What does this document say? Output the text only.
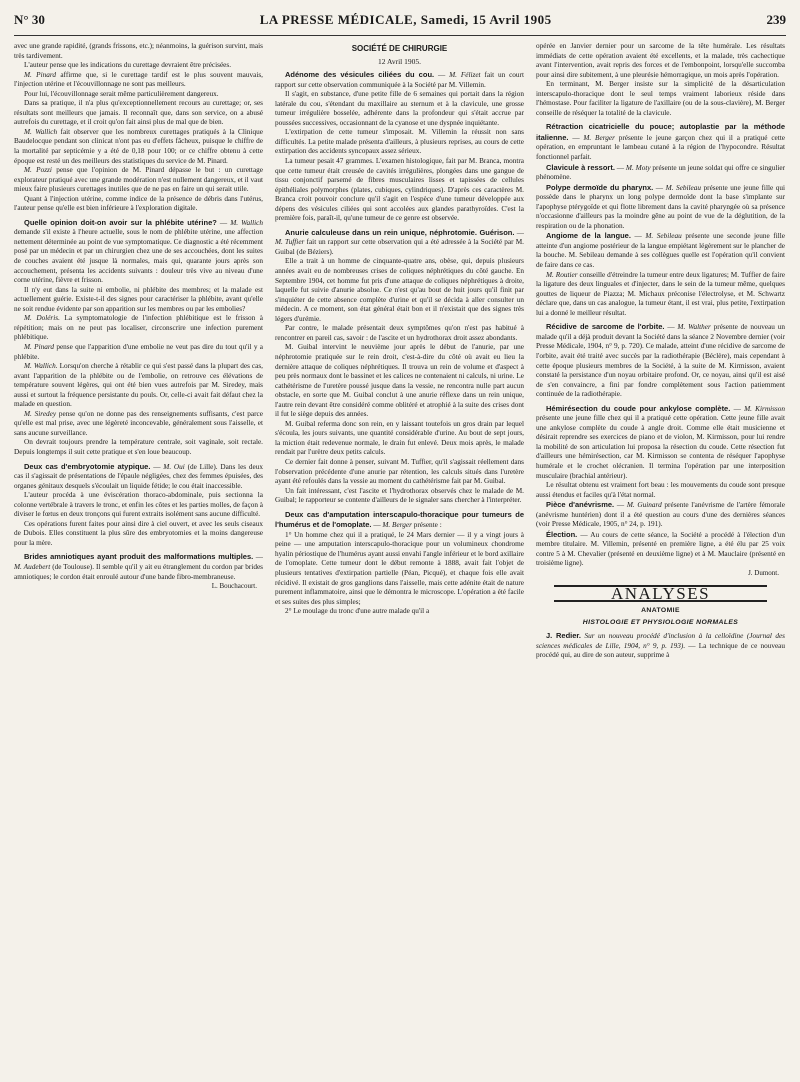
N° 30	LA PRESSE MÉDICALE, Samedi, 15 Avril 1905	239

avec une grande rapidité, (grands frissons, etc.); néanmoins, la guérison survint, mais très tardivement.

L'auteur pense que les indications du curettage devraient être précisées.

M. Pinard affirme que, si le curettage tardif est le plus souvent mauvais, l'injection utérine et l'écouvillonnage ne sont pas meilleurs.

Pour lui, l'écouvillonnage serait même particulièrement dangereux.

Dans sa pratique, il n'a plus qu'exceptionnellement recours au curettage; or, ses résultats sont meilleurs que jamais. Il reconnaît que, dans son service, on a abusé autrefois du curettage, et il croit qu'on fait ainsi plus de mal que de bien.

M. Wallich fait observer que les nombreux curettages pratiqués à la Clinique Baudelocque pendant son clinicat n'ont pas eu d'effets fâcheux, puisque le chiffre de la mortalité par septicémie y a été de 0,18 pour 100; or ce chiffre obtenu à cette époque est resté un des meilleurs des statistiques du service de M. Pinard.

M. Pozzi pense que l'opinion de M. Pinard dépasse le but : un curettage explorateur pratiqué avec une grande modération n'est nullement dangereux, et il vaut mieux faire plusieurs curettages inutiles que de ne pas en faire un qui serait utile.

Quant à l'injection utérine, comme indice de la présence de débris dans l'utérus, l'auteur pense qu'elle est bien inférieure à l'exploration digitale.

Quelle opinion doit-on avoir sur la phlébite utérine? — M. Wallich demande s'il existe à l'heure actuelle, sous le nom de phlébite utérine, une affection nettement déterminée au point de vue symptomatique. Ce diagnostic a été récemment posé par un médecin et par un chirurgien chez une de ses accouchées, dont les suites de couches avaient été jusque là normales, mais qui, quarante jours après son accouchement, présenta les accidents suivants : douleur très vive au niveau d'une corne utérine, fièvre et frisson.

Il n'y eut dans la suite ni embolie, ni phlébite des membres; et la malade est actuellement guérie. Existe-t-il des signes pour caractériser la phlébite, avant qu'elle ne soit rendue évidente par son apparition sur les membres ou par les embolies?

M. Doléris. La symptomatologie de l'infection phlébitique est le frisson à répétition; mais on ne peut pas localiser, circonscrire une infection purement phlébitique.

M. Pinard pense que l'apparition d'une embolie ne veut pas dire du tout qu'il y a phlébite.

M. Wallich. Lorsqu'on cherche à rétablir ce qui s'est passé dans la plupart des cas, avant l'apparition de la phlébite ou de l'embolie, on retrouve ces élévations de température souvent légères, qui ont été bien vues autrefois par M. Siredey, mais aussi et surtout la fréquence persistante du pouls. Or, celle-ci avait fait défaut chez la malade en question.

M. Siredey pense qu'on ne donne pas des renseignements suffisants, c'est parce qu'elle est mal prise, avec une légèreté inconcevable, généralement sous l'aisselle, et sans aucune surveillance.

On devrait toujours prendre la température centrale, soit vaginale, soit rectale. Depuis longtemps il suit cette pratique et s'en loue beaucoup.

Deux cas d'embryotomie atypique. — M. Oui (de Lille). Dans les deux cas il s'agissait de présentations de l'épaule négligées, chez des femmes épuisées, des organes génitaux desquels s'écoulait un liquide fétide; le cou était inaccessible.

L'auteur procéda à une éviscération thoraco-abdominale, puis sectionna la colonne vertébrale à travers le tronc, et enfin les côtes et les parties molles, de façon à diviser le fœtus en deux tronçons qui furent extraits isolément sans aucune difficulté.

Ces opérations furent faites pour ainsi dire à ciel ouvert, et avec les seuls ciseaux de Dubois. Elles constituent la plus sûre des embryotomies et la moins dangereuse pour la mère.

Brides amniotiques ayant produit des malformations multiples. — M. Audebert (de Toulouse). Il semble qu'il y ait eu étranglement du cordon par brides amniotiques; le cordon était enroulé autour d'une bande fibro-membraneuse.

L. Bouchacourt.

SOCIÉTÉ DE CHIRURGIE
12 Avril 1905.

Adénome des vésicules ciliées du cou. — M. Félizet fait un court rapport sur cette observation communiquée à la Société par M. Villemin.

Il s'agit, en substance, d'une petite fille de 6 semaines qui portait dans la région latérale du cou, s'étendant du maxillaire au sternum et à la clavicule, une grosse tumeur irrégulière bosselée, adhérente dans la profondeur qui s'était accrue par poussées successives, occasionnant de la cyanose et une dyspnée inquiétante.

L'extirpation de cette tumeur s'imposait. M. Villemin la réussit non sans difficultés. La petite malade présenta d'ailleurs, à plusieurs reprises, au cours de cette extirpation des accidents syncopaux assez sérieux.

La tumeur pesait 47 grammes. L'examen histologique, fait par M. Branca, montra que cette tumeur était creusée de cavités irrégulières, plongées dans une gangue de tissu conjonctif parsemé de fibres musculaires lisses et tapissées de cellules épithéliales polymorphes (plates, cubiques, cylindriques). D'après ces caractères M. Branca croit pouvoir conclure qu'il s'agit en l'espèce d'une tumeur développée aux dépens des vésicules ciliées qui sont accolées aux glandes parathyroïdes. C'est la première fois, paraît-il, qu'une tumeur de ce genre est observée.

Anurie calculeuse dans un rein unique, néphrotomie. Guérison. — M. Tuffier fait un rapport sur cette observation qui a été adressée à la Société par M. Guibal (de Béziers).

Elle a trait à un homme de cinquante-quatre ans, obèse, qui, depuis plusieurs années avait eu de nombreuses crises de coliques néphrétiques du côté gauche. En Septembre 1904, cet homme fut pris d'une attaque de coliques néphrétiques à droite, laquelle fut suivie d'anurie absolue. Ce n'est qu'au bout de huit jours qu'il finit par s'inquiéter de cette absence complète d'urine et qu'il se décida à aller consulter un médecin. A ce moment, son état général était bon et il n'existait que des signes très légers d'urémie.

Par contre, le malade présentait deux symptômes qu'on n'est pas habitué à rencontrer en pareil cas, savoir : de l'ascite et un hydrothorax droit assez abondants.

M. Guibal intervint le neuvième jour après le début de l'anurie, par une néphrotomie pratiquée sur le rein droit, c'est-à-dire du côté où avait eu lieu la dernière attaque de coliques néphrétiques. Il trouva un rein de volume et d'aspect à peu près normaux dont le bassinet et les calices ne contenaient ni calculs, ni urine. Le cathétérisme de l'uretère poussé jusque dans la vessie, ne rencontra nulle part aucun obstacle, en sorte que M. Guibal conclut à une anurie réflexe dans un rein unique, l'autre rein devant être considéré comme oblitéré et atrophié à la suite des crises dont il fut le siège depuis des années.

M. Guibal referma donc son rein, en y laissant toutefois un gros drain par lequel s'écoula, les jours suivants, une quantité considérable d'urine. Au bout de sept jours, la miction était redevenue normale, le drain fut enlevé. Deux mois après, le malade rendait par l'urètre deux petits calculs.

Ce dernier fait donne à penser, suivant M. Tuffier, qu'il s'agissait réellement dans l'observation précédente d'une anurie par rétention, les calculs situés dans l'uretère ayant été refoulés dans la vessie au moment du cathétérisme fait par M. Guibal.

Un fait intéressant, c'est l'ascite et l'hydrothorax observés chez le malade de M. Guibal; le rapporteur se contente d'ailleurs de le signaler sans chercher à l'interpréter.

Deux cas d'amputation interscapulo-thoracique pour tumeurs de l'humérus et de l'omoplate. — M. Berger présente :

1° Un homme chez qui il a pratiqué, le 24 Mars dernier — il y a vingt jours à peine — une amputation interscapulo-thoracique pour un volumineux chondrome hyalin périostique de l'humérus ayant aussi envahi l'angle inférieur et le bord axillaire de l'omoplate. Cette tumeur dont le début remonte à 1888, avait fait l'objet de plusieurs tentatives d'extirpation partielle (Péan, Picqué), et chaque fois elle avait récidivé. Il existait de gros ganglions dans l'aisselle, mais cette adénite était de nature purement inflammatoire, ainsi que le démontra le microscope. L'opération a été facile et ses suites des plus simples;

2° Le moulage du tronc d'une autre malade qu'il a

opérée en Janvier dernier pour un sarcome de la tête humérale. Les résultats immédiats de cette opération avaient été excellents, et la malade, très cachectique avant l'intervention, avait repris des forces et de l'embonpoint, lorsqu'elle succomba pour ainsi dire subitement, à une pleurésie hémorragique, un mois après l'opération.

En terminant, M. Berger insiste sur la simplicité de la désarticulation interscapulo-thoracique dont le seul temps vraiment laborieux réside dans l'hémostase. Pour faciliter la ligature de l'axillaire (ou de la sous-clavière), M. Berger conseille de réséquer la totalité de la clavicule.

Rétraction cicatricielle du pouce; autoplastie par la méthode italienne. — M. Berger présente le jeune garçon chez qui il a pratiqué cette opération, en empruntant le lambeau cutané à la région de l'hypocondre. Résultat fonctionnel parfait.

Clavicule à ressort. — M. Moty présente un jeune soldat qui offre ce singulier phénomène.

Polype dermoïde du pharynx. — M. Sebileau présente une jeune fille qui possède dans le pharynx un long polype dermoïde dont la base s'implante sur l'apophyse ptérygoïde et qui flotte librement dans la cavité pharyngée où sa présence n'occasionne d'ailleurs pas la moindre gêne au point de vue de la déglutition, de la respiration ou de la phonation.

Angiome de la langue. — M. Sebileau présente une seconde jeune fille atteinte d'un angiome postérieur de la langue empiétant légèrement sur le plancher de la bouche. M. Sebileau demande à ses collègues quelle est l'opération qu'il convient de faire dans ce cas.

M. Routier conseille d'étreindre la tumeur entre deux ligatures; M. Tuffier de faire la ligature des deux linguales et d'injecter, dans le sein de la tumeur même, quelques gouttes de liqueur de Piazza; M. Michaux préconise l'électrolyse, et M. Schwartz déclare que, dans un cas analogue, la tumeur étant, il est vrai, plus petite, l'extirpation lui a donné le meilleur résultat.

Récidive de sarcome de l'orbite. — M. Walther présente de nouveau un malade qu'il a déjà produit devant la Société dans la séance 2 Novembre dernier (voir Presse Médicale, 1904, n° 9, p. 720). Ce malade, atteint d'une récidive de sarcome de l'orbite, avait été traité avec succès par la radiothérapie (Béclère), mais cependant à cette époque plusieurs membres de la Société, à la suite de M. Kirmisson, avaient constaté la persistance d'un noyau orbitaire profond. Or, ce noyau, ainsi qu'il est aisé de s'en convaincre, a fini par fondre complètement sous l'action patiemment continuée de la radiothérapie.

Hémirésection du coude pour ankylose complète. — M. Kirmisson présente une jeune fille chez qui il a pratiqué cette opération. Cette jeune fille avait une ankylose complète du coude à angle droit. Comme elle était musicienne et désirait reprendre ses exercices de piano et de violon, M. Kirmisson, pour lui rendre la mobilité de son articulation lui proposa la résection du coude. Cette résection fut d'ailleurs une hémirésection, car M. Kirmisson se contenta de réséquer l'apophyse humérale et le crochet olécranien. Il termina l'opération par une interposition musculaire (brachial antérieur).

Le résultat obtenu est vraiment fort beau : les mouvements du coude sont presque aussi étendus et faciles qu'à l'état normal.

Pièce d'anévrisme. — M. Guinard présente l'anévrisme de l'artère fémorale (anévrisme huntérien) dont il a été question au cours d'une des dernières séances (voir Presse Médicale, 1905, n° 24, p. 191).

Élection. — Au cours de cette séance, la Société a procédé à l'élection d'un membre titulaire. M. Villemin, présenté en première ligne, a été élu par 25 voix contre 5 à M. Chevalier (présenté en deuxième ligne) et à M. Mauclaire (présenté en troisième ligne).

J. Dumont.

ANALYSES
ANATOMIE
HISTOLOGIE ET PHYSIOLOGIE NORMALES

J. Redier. Sur un nouveau procédé d'inclusion à la celloïdine (Journal des sciences médicales de Lille, 1904, n° 9, p. 193). — La technique de ce nouveau procédé qui, au dire de son auteur, supprime à
